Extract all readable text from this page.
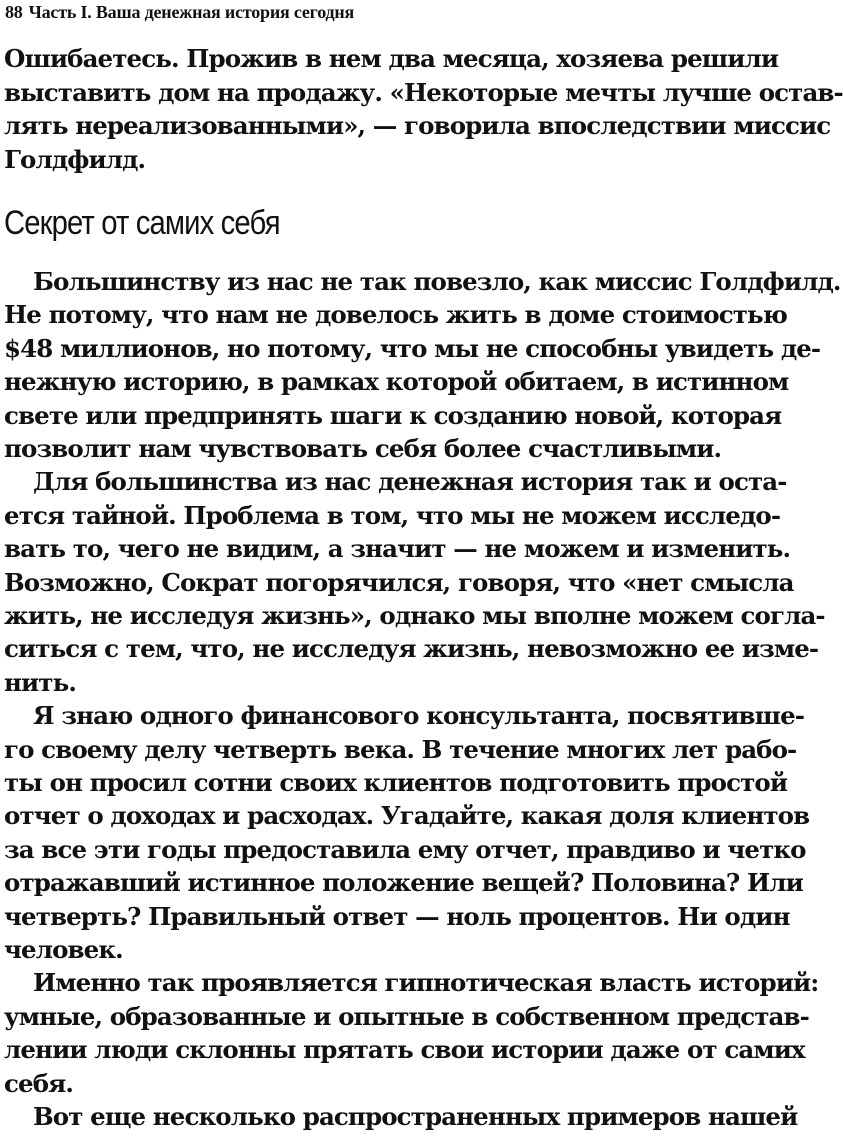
88 Часть I. Ваша денежная история сегодня
Ошибаетесь. Прожив в нем два месяца, хозяева решили
выставить дом на продажу. «Некоторые мечты лучше остав-
лять нереализованными», — говорила впоследствии миссис
Голдфилд.
Секрет от самих себя
Большинству из нас не так повезло, как миссис Голдфилд.
Не потому, что нам не довелось жить в доме стоимостью
$48 миллионов, но потому, что мы не способны увидеть де-
нежную историю, в рамках которой обитаем, в истинном
свете или предпринять шаги к созданию новой, которая
позволит нам чувствовать себя более счастливыми.
Для большинства из нас денежная история так и оста-
ется тайной. Проблема в том, что мы не можем исследо-
вать то, чего не видим, а значит — не можем и изменить.
Возможно, Сократ погорячился, говоря, что «нет смысла
жить, не исследуя жизнь», однако мы вполне можем согла-
ситься с тем, что, не исследуя жизнь, невозможно ее изме-
нить.
Я знаю одного финансового консультанта, посвятивше-
го своему делу четверть века. В течение многих лет рабо-
ты он просил сотни своих клиентов подготовить простой
отчет о доходах и расходах. Угадайте, какая доля клиентов
за все эти годы предоставила ему отчет, правдиво и четко
отражавший истинное положение вещей? Половина? Или
четверть? Правильный ответ — ноль процентов. Ни один
человек.
Именно так проявляется гипнотическая власть историй:
умные, образованные и опытные в собственном представ-
лении люди склонны прятать свои истории даже от самих
себя.
Вот еще несколько распространенных примеров нашей
